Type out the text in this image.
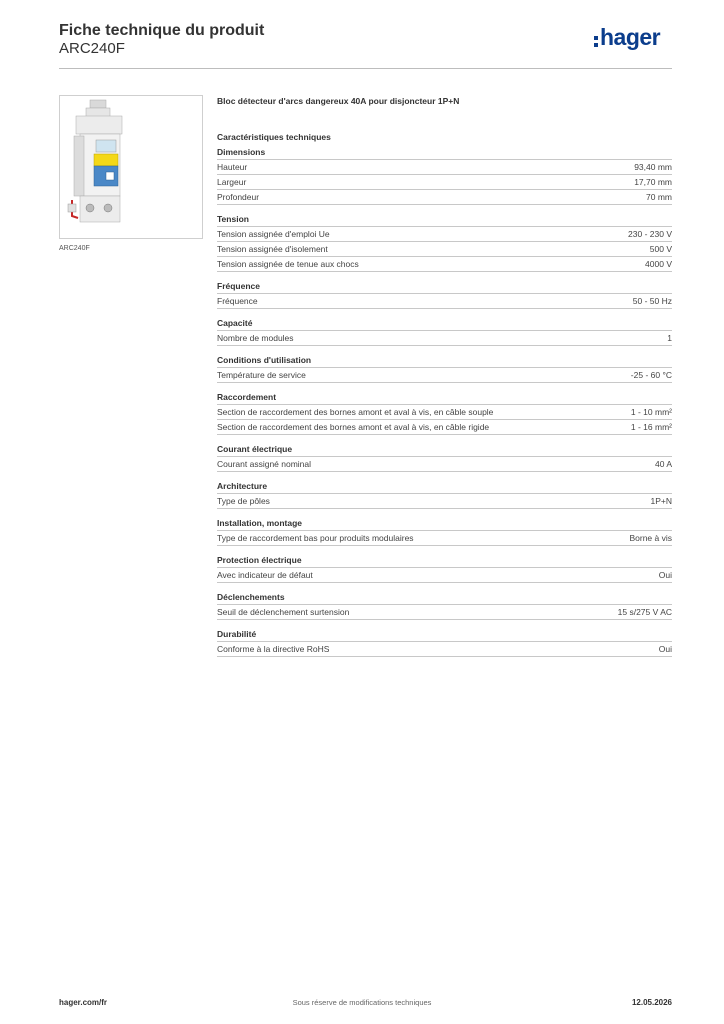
Fiche technique du produit
ARC240F	hager
ARC240F
Bloc détecteur d'arcs dangereux 40A pour disjoncteur 1P+N
Caractéristiques techniques
Dimensions
Hauteur	93,40 mm
Largeur	17,70 mm
Profondeur	70 mm
Tension
Tension assignée d'emploi Ue	230 - 230 V
Tension assignée d'isolement	500 V
Tension assignée de tenue aux chocs	4000 V
Fréquence
Fréquence	50 - 50 Hz
Capacité
Nombre de modules	1
Conditions d'utilisation
Température de service	-25 - 60 °C
Raccordement
Section de raccordement des bornes amont et aval à vis, en câble souple	1 - 10 mm²
Section de raccordement des bornes amont et aval à vis, en câble rigide	1 - 16 mm²
Courant électrique
Courant assigné nominal	40 A
Architecture
Type de pôles	1P+N
Installation, montage
Type de raccordement bas pour produits modulaires	Borne à vis
Protection électrique
Avec indicateur de défaut	Oui
Déclenchements
Seuil de déclenchement surtension	15 s/275 V AC
Durabilité
Conforme à la directive RoHS	Oui
hager.com/fr	Sous réserve de modifications techniques	12.05.2026
